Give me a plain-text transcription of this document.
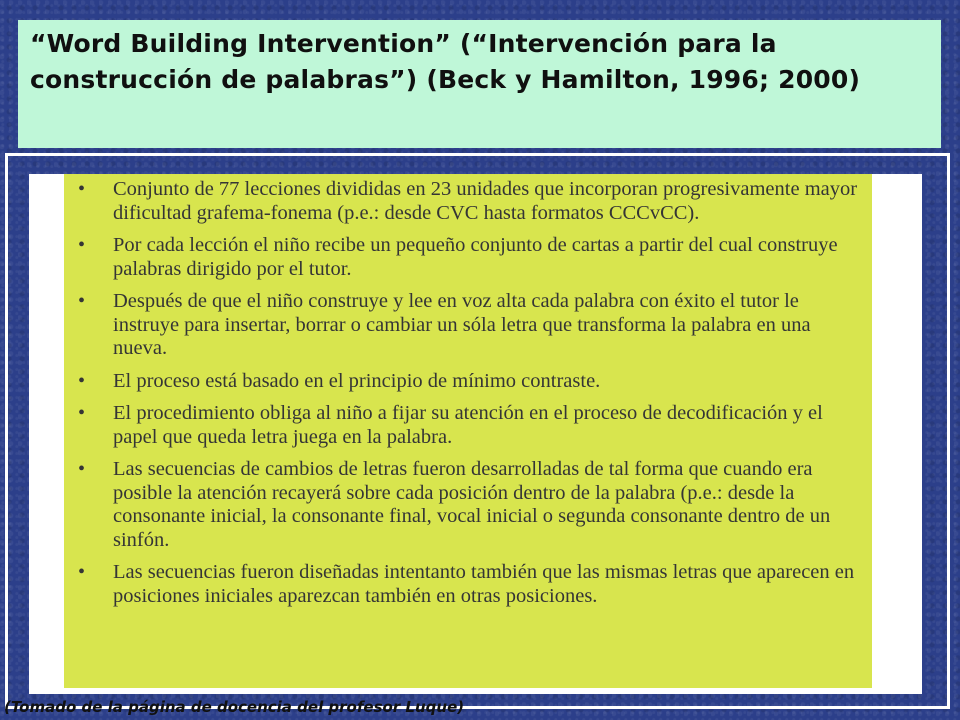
“Word Building Intervention” (“Intervención para la construcción de palabras”) (Beck y Hamilton, 1996; 2000)

•	Conjunto de 77 lecciones divididas en 23 unidades que incorporan progresivamente mayor dificultad grafema-fonema (p.e.: desde CVC hasta formatos CCCvCC).
•	Por cada lección el niño recibe un pequeño conjunto de cartas a partir del cual construye palabras dirigido por el tutor.
•	Después de que el niño construye y lee en voz alta cada palabra con éxito el tutor le instruye para insertar, borrar o cambiar un sóla letra que transforma la palabra en una nueva.
•	El proceso está basado en el principio de mínimo contraste.
•	El procedimiento obliga al niño a fijar su atención en el proceso de decodificación y el papel que queda letra juega en la palabra.
•	Las secuencias de cambios de letras fueron desarrolladas de tal forma que cuando era posible la atención recayerá sobre cada posición dentro de la palabra (p.e.: desde la consonante inicial, la consonante final, vocal inicial o segunda consonante dentro de un sinfón.
•	Las secuencias fueron diseñadas intentanto también que las mismas letras que aparecen en posiciones iniciales aparezcan también en otras posiciones.
(Tomado de la página de docencia del profesor Luque)
